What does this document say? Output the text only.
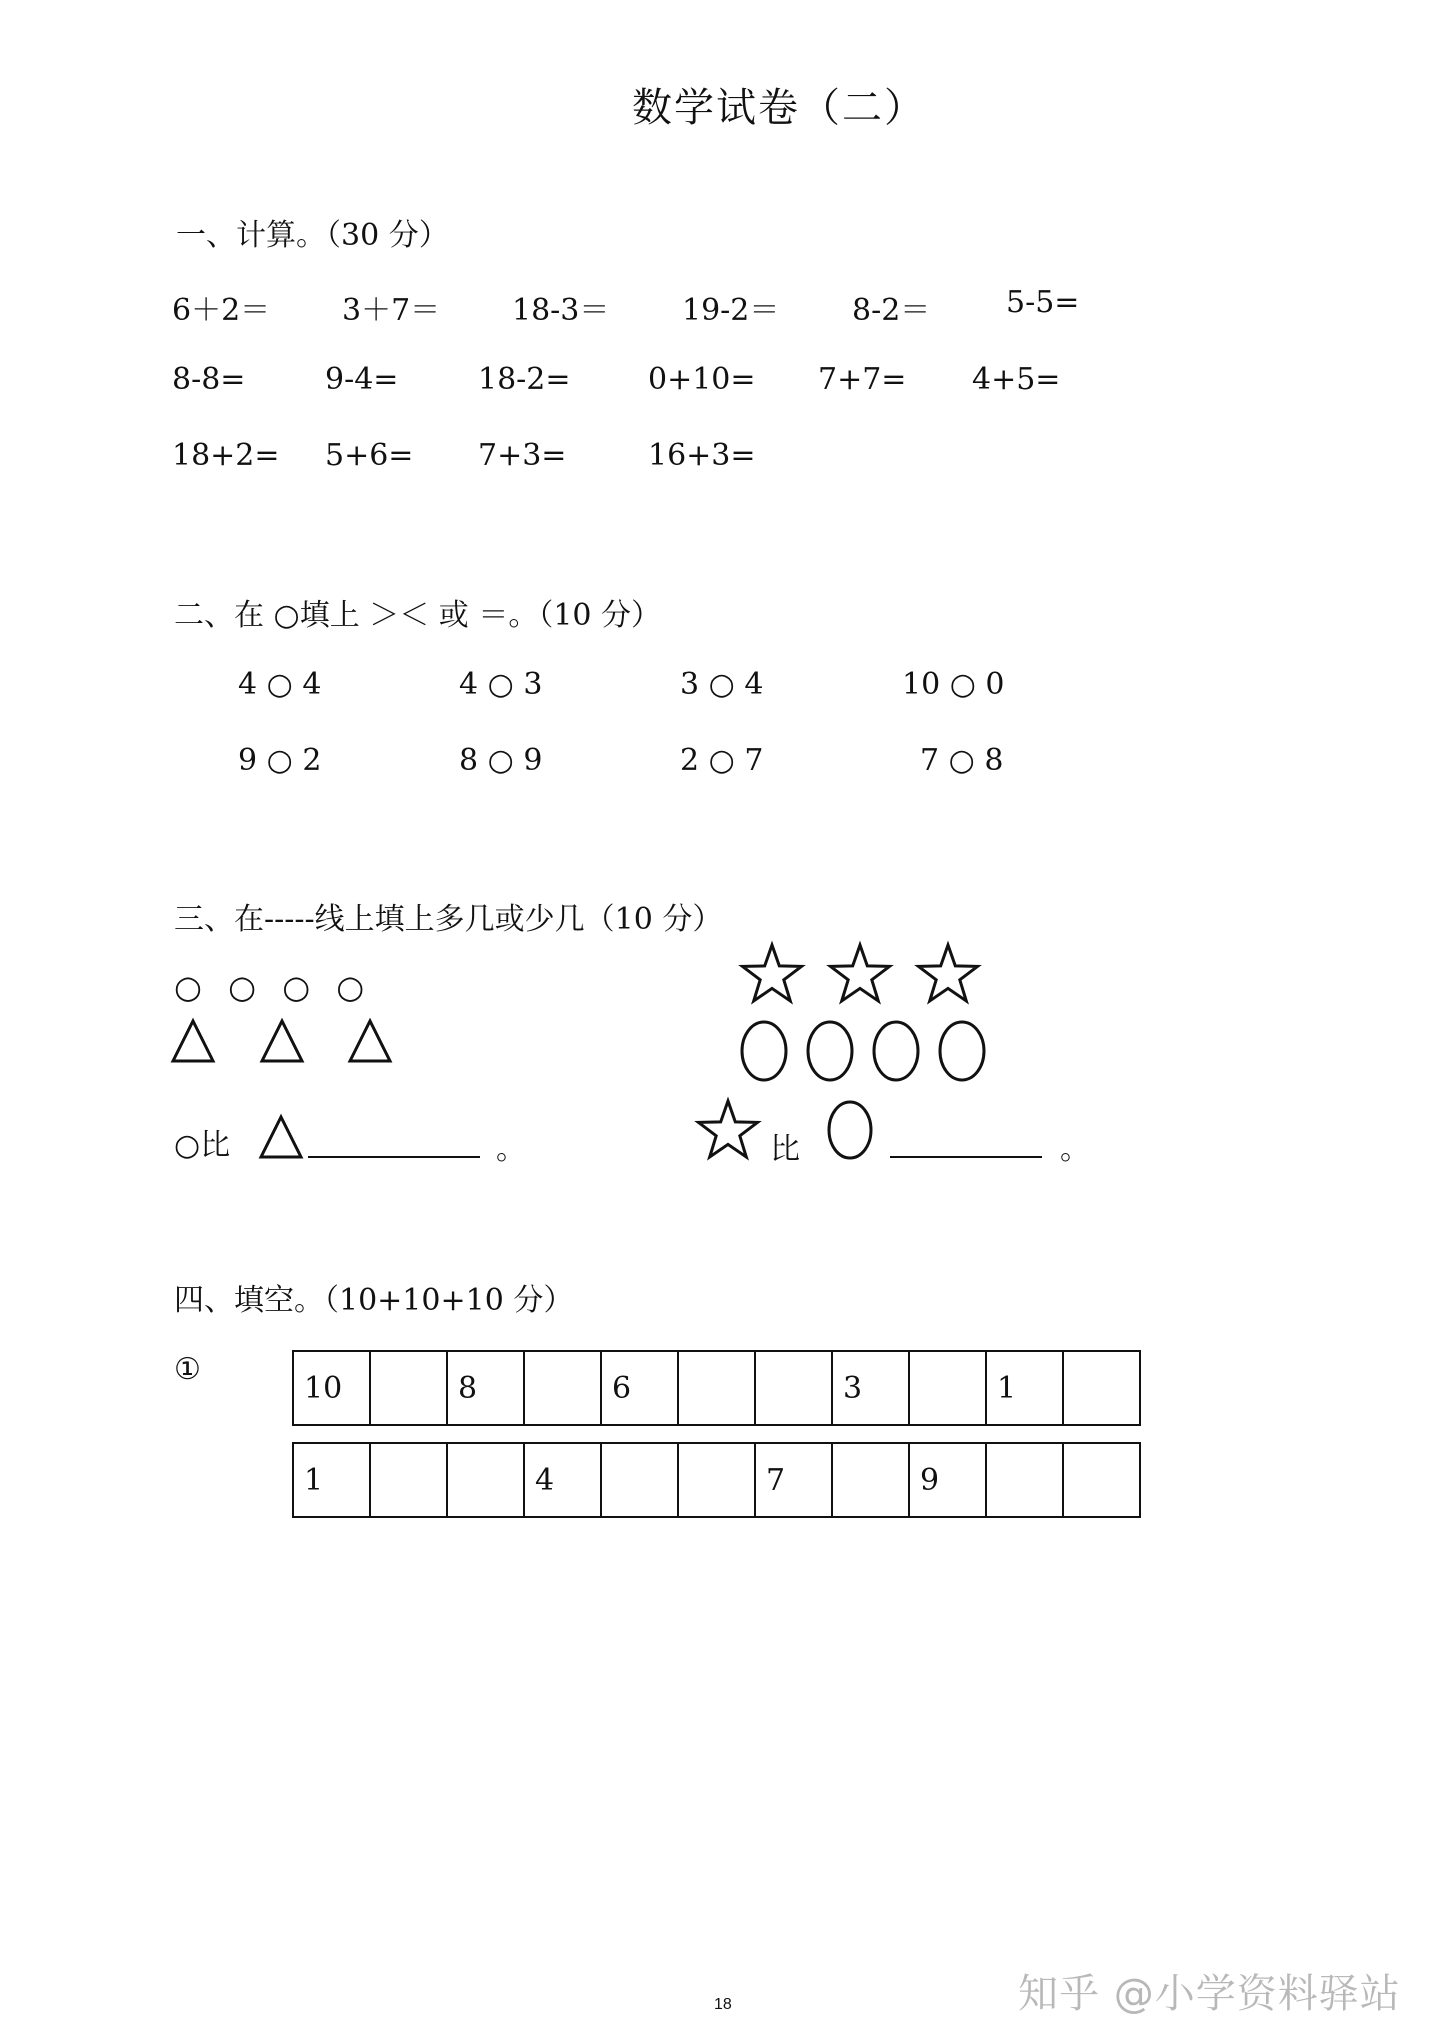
数学试卷（二）
一、计算。（30 分）
6＋2＝ 3＋7＝ 18-3＝ 19-2＝ 8-2＝	5-5=
8-8=	9-4=	18-2=	0+10= 7+7= 4+5=
18+2= 5+6= 7+3=	16+3=
二、在 ○填上 ＞＜ 或 ＝。（10 分）
4 ○ 4	4 ○ 3	3 ○ 4	10 ○ 0
9 ○ 2	8 ○ 9	2 ○ 7	7 ○ 8
三、在-----线上填上多几或少几（10 分）
○ ○ ○ ○
○比	。	比	。
四、填空。（10+10+10 分）
①
10		8		6			3		1	
1			4			7		9		
18	知乎 @小学资料驿站
